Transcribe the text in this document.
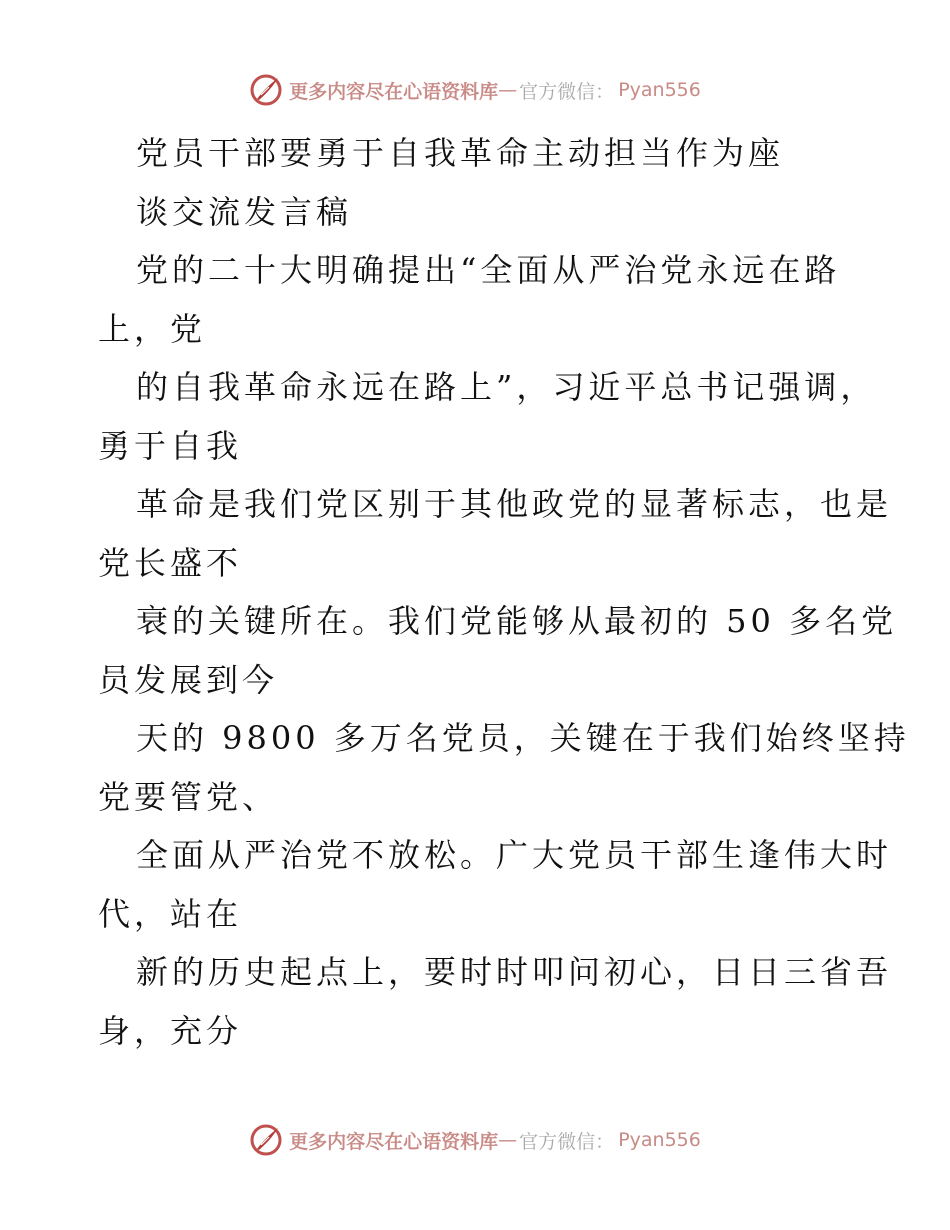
更多内容尽在心语资料库 — 官方微信： Pyan556
党员干部要勇于自我革命主动担当作为座
谈交流发言稿
党的二十大明确提出“全面从严治党永远在路
上，党
的自我革命永远在路上”，习近平总书记强调，
勇于自我
革命是我们党区别于其他政党的显著标志，也是
党长盛不
衰的关键所在。我们党能够从最初的 50 多名党
员发展到今
天的 9800 多万名党员，关键在于我们始终坚持
党要管党、
全面从严治党不放松。广大党员干部生逢伟大时
代，站在
新的历史起点上，要时时叩问初心，日日三省吾
身，充分
更多内容尽在心语资料库 — 官方微信： Pyan556
